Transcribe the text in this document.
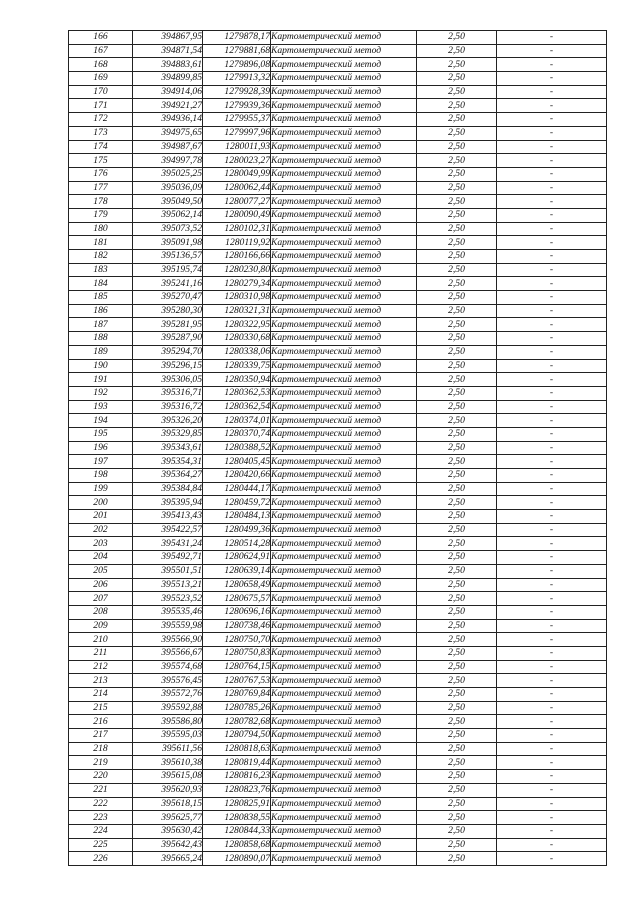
166	394867,95	1279878,17	Картометрический метод	2,50	-
167	394871,54	1279881,68	Картометрический метод	2,50	-
168	394883,61	1279896,08	Картометрический метод	2,50	-
169	394899,85	1279913,32	Картометрический метод	2,50	-
170	394914,06	1279928,39	Картометрический метод	2,50	-
171	394921,27	1279939,36	Картометрический метод	2,50	-
172	394936,14	1279955,37	Картометрический метод	2,50	-
173	394975,65	1279997,96	Картометрический метод	2,50	-
174	394987,67	1280011,93	Картометрический метод	2,50	-
175	394997,78	1280023,27	Картометрический метод	2,50	-
176	395025,25	1280049,99	Картометрический метод	2,50	-
177	395036,09	1280062,44	Картометрический метод	2,50	-
178	395049,50	1280077,27	Картометрический метод	2,50	-
179	395062,14	1280090,49	Картометрический метод	2,50	-
180	395073,52	1280102,31	Картометрический метод	2,50	-
181	395091,98	1280119,92	Картометрический метод	2,50	-
182	395136,57	1280166,66	Картометрический метод	2,50	-
183	395195,74	1280230,80	Картометрический метод	2,50	-
184	395241,16	1280279,34	Картометрический метод	2,50	-
185	395270,47	1280310,98	Картометрический метод	2,50	-
186	395280,30	1280321,31	Картометрический метод	2,50	-
187	395281,95	1280322,95	Картометрический метод	2,50	-
188	395287,90	1280330,68	Картометрический метод	2,50	-
189	395294,70	1280338,06	Картометрический метод	2,50	-
190	395296,15	1280339,75	Картометрический метод	2,50	-
191	395306,05	1280350,94	Картометрический метод	2,50	-
192	395316,71	1280362,53	Картометрический метод	2,50	-
193	395316,72	1280362,54	Картометрический метод	2,50	-
194	395326,20	1280374,01	Картометрический метод	2,50	-
195	395329,85	1280370,74	Картометрический метод	2,50	-
196	395343,61	1280388,52	Картометрический метод	2,50	-
197	395354,31	1280405,45	Картометрический метод	2,50	-
198	395364,27	1280420,66	Картометрический метод	2,50	-
199	395384,84	1280444,17	Картометрический метод	2,50	-
200	395395,94	1280459,72	Картометрический метод	2,50	-
201	395413,43	1280484,13	Картометрический метод	2,50	-
202	395422,57	1280499,36	Картометрический метод	2,50	-
203	395431,24	1280514,28	Картометрический метод	2,50	-
204	395492,71	1280624,91	Картометрический метод	2,50	-
205	395501,51	1280639,14	Картометрический метод	2,50	-
206	395513,21	1280658,49	Картометрический метод	2,50	-
207	395523,52	1280675,57	Картометрический метод	2,50	-
208	395535,46	1280696,16	Картометрический метод	2,50	-
209	395559,98	1280738,46	Картометрический метод	2,50	-
210	395566,90	1280750,70	Картометрический метод	2,50	-
211	395566,67	1280750,83	Картометрический метод	2,50	-
212	395574,68	1280764,15	Картометрический метод	2,50	-
213	395576,45	1280767,53	Картометрический метод	2,50	-
214	395572,76	1280769,84	Картометрический метод	2,50	-
215	395592,88	1280785,26	Картометрический метод	2,50	-
216	395586,80	1280782,68	Картометрический метод	2,50	-
217	395595,03	1280794,50	Картометрический метод	2,50	-
218	395611,56	1280818,63	Картометрический метод	2,50	-
219	395610,38	1280819,44	Картометрический метод	2,50	-
220	395615,08	1280816,23	Картометрический метод	2,50	-
221	395620,93	1280823,76	Картометрический метод	2,50	-
222	395618,15	1280825,91	Картометрический метод	2,50	-
223	395625,77	1280838,55	Картометрический метод	2,50	-
224	395630,42	1280844,33	Картометрический метод	2,50	-
225	395642,43	1280858,68	Картометрический метод	2,50	-
226	395665,24	1280890,07	Картометрический метод	2,50	-
